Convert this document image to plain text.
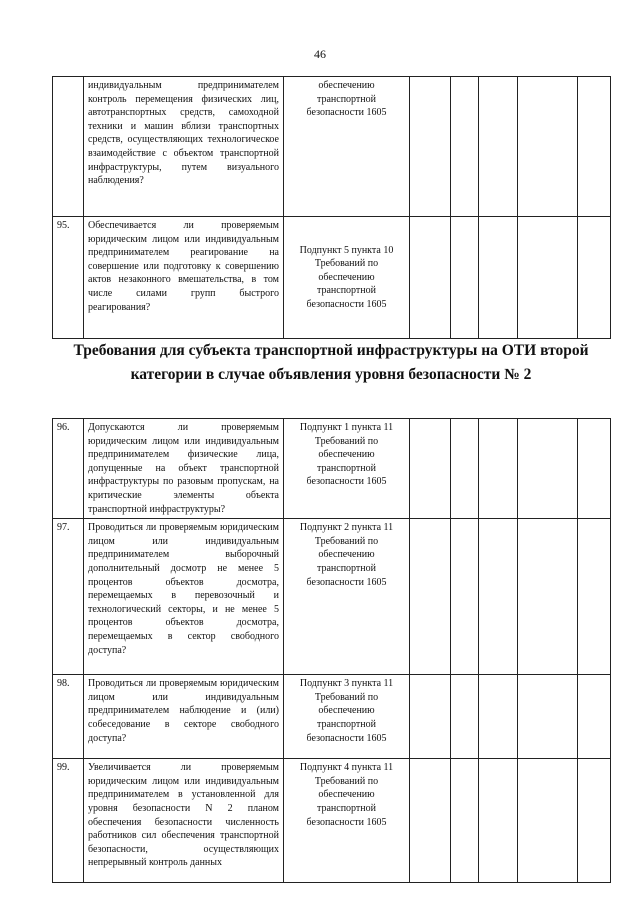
46
	индивидуальным предпринимателем контроль перемещения физических лиц, автотранспортных средств, самоходной техники и машин вблизи транспортных средств, осуществляющих технологическое взаимодействие с объектом транспортной инфраструктуры, путем визуального наблюдения?	обеспечению транспортной безопасности 1605					
95.	Обеспечивается ли проверяемым юридическим лицом или индивидуальным предпринимателем реагирование на совершение или подготовку к совершению актов незаконного вмешательства, в том числе силами групп быстрого реагирования?	Подпункт 5 пункта 10 Требований по обеспечению транспортной безопасности 1605					
Требования для субъекта транспортной инфраструктуры на ОТИ второй категории в случае объявления уровня безопасности № 2
96.	Допускаются ли проверяемым юридическим лицом или индивидуальным предпринимателем физические лица, допущенные на объект транспортной инфраструктуры по разовым пропускам, на критические элементы объекта транспортной инфраструктуры?	Подпункт 1 пункта 11 Требований по обеспечению транспортной безопасности 1605					
97.	Проводиться ли проверяемым юридическим лицом или индивидуальным предпринимателем выборочный дополнительный досмотр не менее 5 процентов объектов досмотра, перемещаемых в перевозочный и технологический секторы, и не менее 5 процентов объектов досмотра, перемещаемых в сектор свободного доступа?	Подпункт 2 пункта 11 Требований по обеспечению транспортной безопасности 1605					
98.	Проводиться ли проверяемым юридическим лицом или индивидуальным предпринимателем наблюдение и (или) собеседование в секторе свободного доступа?	Подпункт 3 пункта 11 Требований по обеспечению транспортной безопасности 1605					
99.	Увеличивается ли проверяемым юридическим лицом или индивидуальным предпринимателем в установленной для уровня безопасности N 2 планом обеспечения безопасности численность работников сил обеспечения транспортной безопасности, осуществляющих непрерывный контроль данных	Подпункт 4 пункта 11 Требований по обеспечению транспортной безопасности 1605					
